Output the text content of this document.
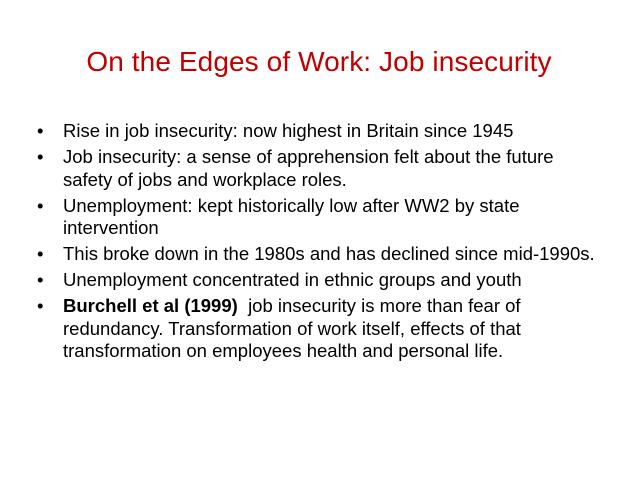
On the Edges of Work: Job insecurity
• Rise in job insecurity: now highest in Britain since 1945
• Job insecurity: a sense of apprehension felt about the future safety of jobs and workplace roles.
• Unemployment: kept historically low after WW2 by state intervention
• This broke down in the 1980s and has declined since mid-1990s.
• Unemployment concentrated in ethnic groups and youth
• Burchell et al (1999)  job insecurity is more than fear of redundancy. Transformation of work itself, effects of that transformation on employees health and personal life.
